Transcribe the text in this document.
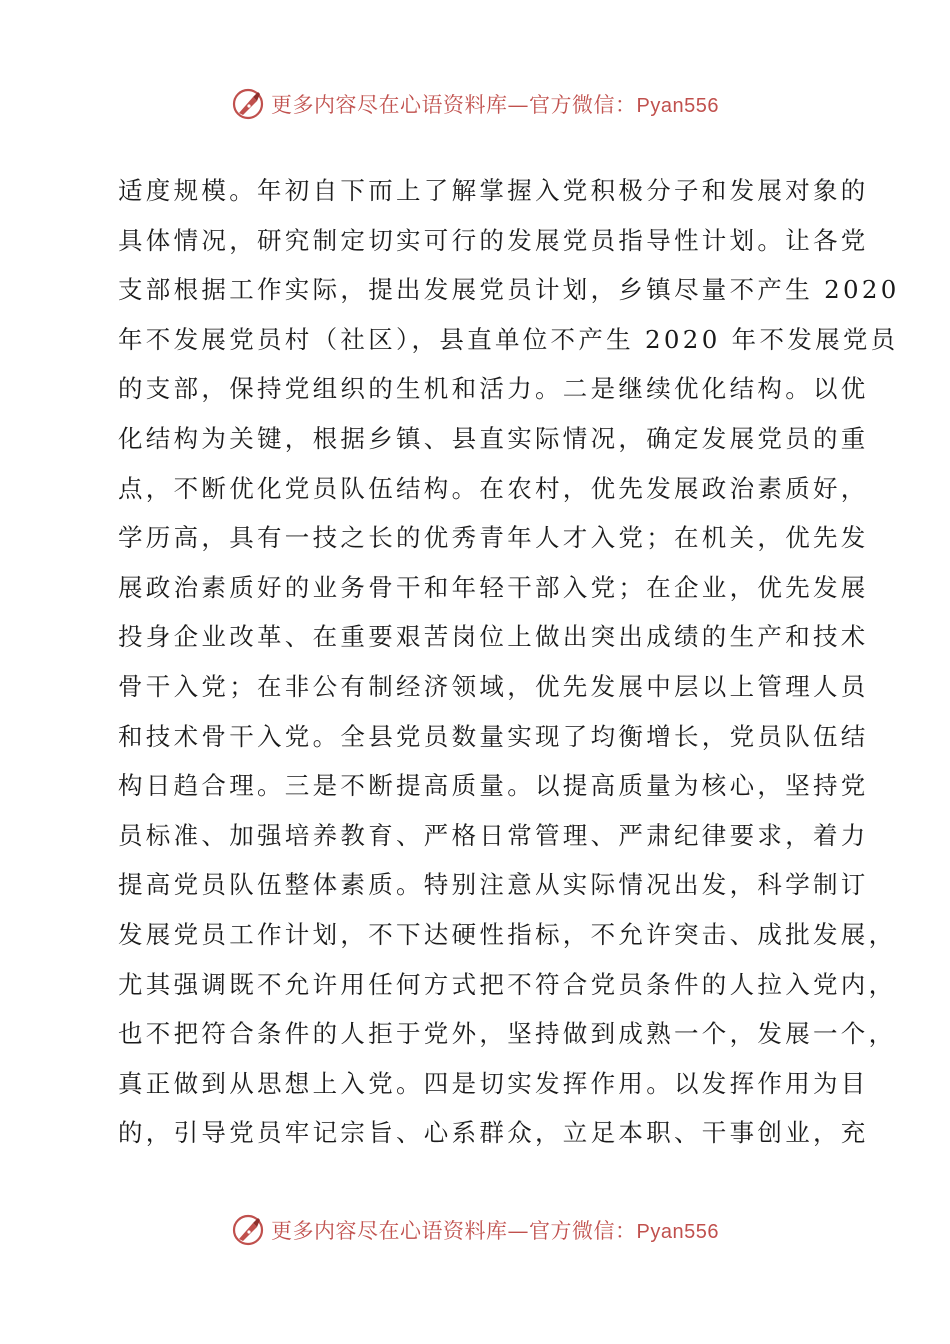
更多内容尽在心语资料库—官方微信：Pyan556
适度规模。年初自下而上了解掌握入党积极分子和发展对象的
具体情况，研究制定切实可行的发展党员指导性计划。让各党
支部根据工作实际，提出发展党员计划，乡镇尽量不产生 2020
年不发展党员村（社区），县直单位不产生 2020 年不发展党员
的支部，保持党组织的生机和活力。二是继续优化结构。以优
化结构为关键，根据乡镇、县直实际情况，确定发展党员的重
点，不断优化党员队伍结构。在农村，优先发展政治素质好，
学历高，具有一技之长的优秀青年人才入党；在机关，优先发
展政治素质好的业务骨干和年轻干部入党；在企业，优先发展
投身企业改革、在重要艰苦岗位上做出突出成绩的生产和技术
骨干入党；在非公有制经济领域，优先发展中层以上管理人员
和技术骨干入党。全县党员数量实现了均衡增长，党员队伍结
构日趋合理。三是不断提高质量。以提高质量为核心，坚持党
员标准、加强培养教育、严格日常管理、严肃纪律要求，着力
提高党员队伍整体素质。特别注意从实际情况出发，科学制订
发展党员工作计划，不下达硬性指标，不允许突击、成批发展，
尤其强调既不允许用任何方式把不符合党员条件的人拉入党内，
也不把符合条件的人拒于党外，坚持做到成熟一个，发展一个，
真正做到从思想上入党。四是切实发挥作用。以发挥作用为目
的，引导党员牢记宗旨、心系群众，立足本职、干事创业，充
更多内容尽在心语资料库—官方微信：Pyan556
